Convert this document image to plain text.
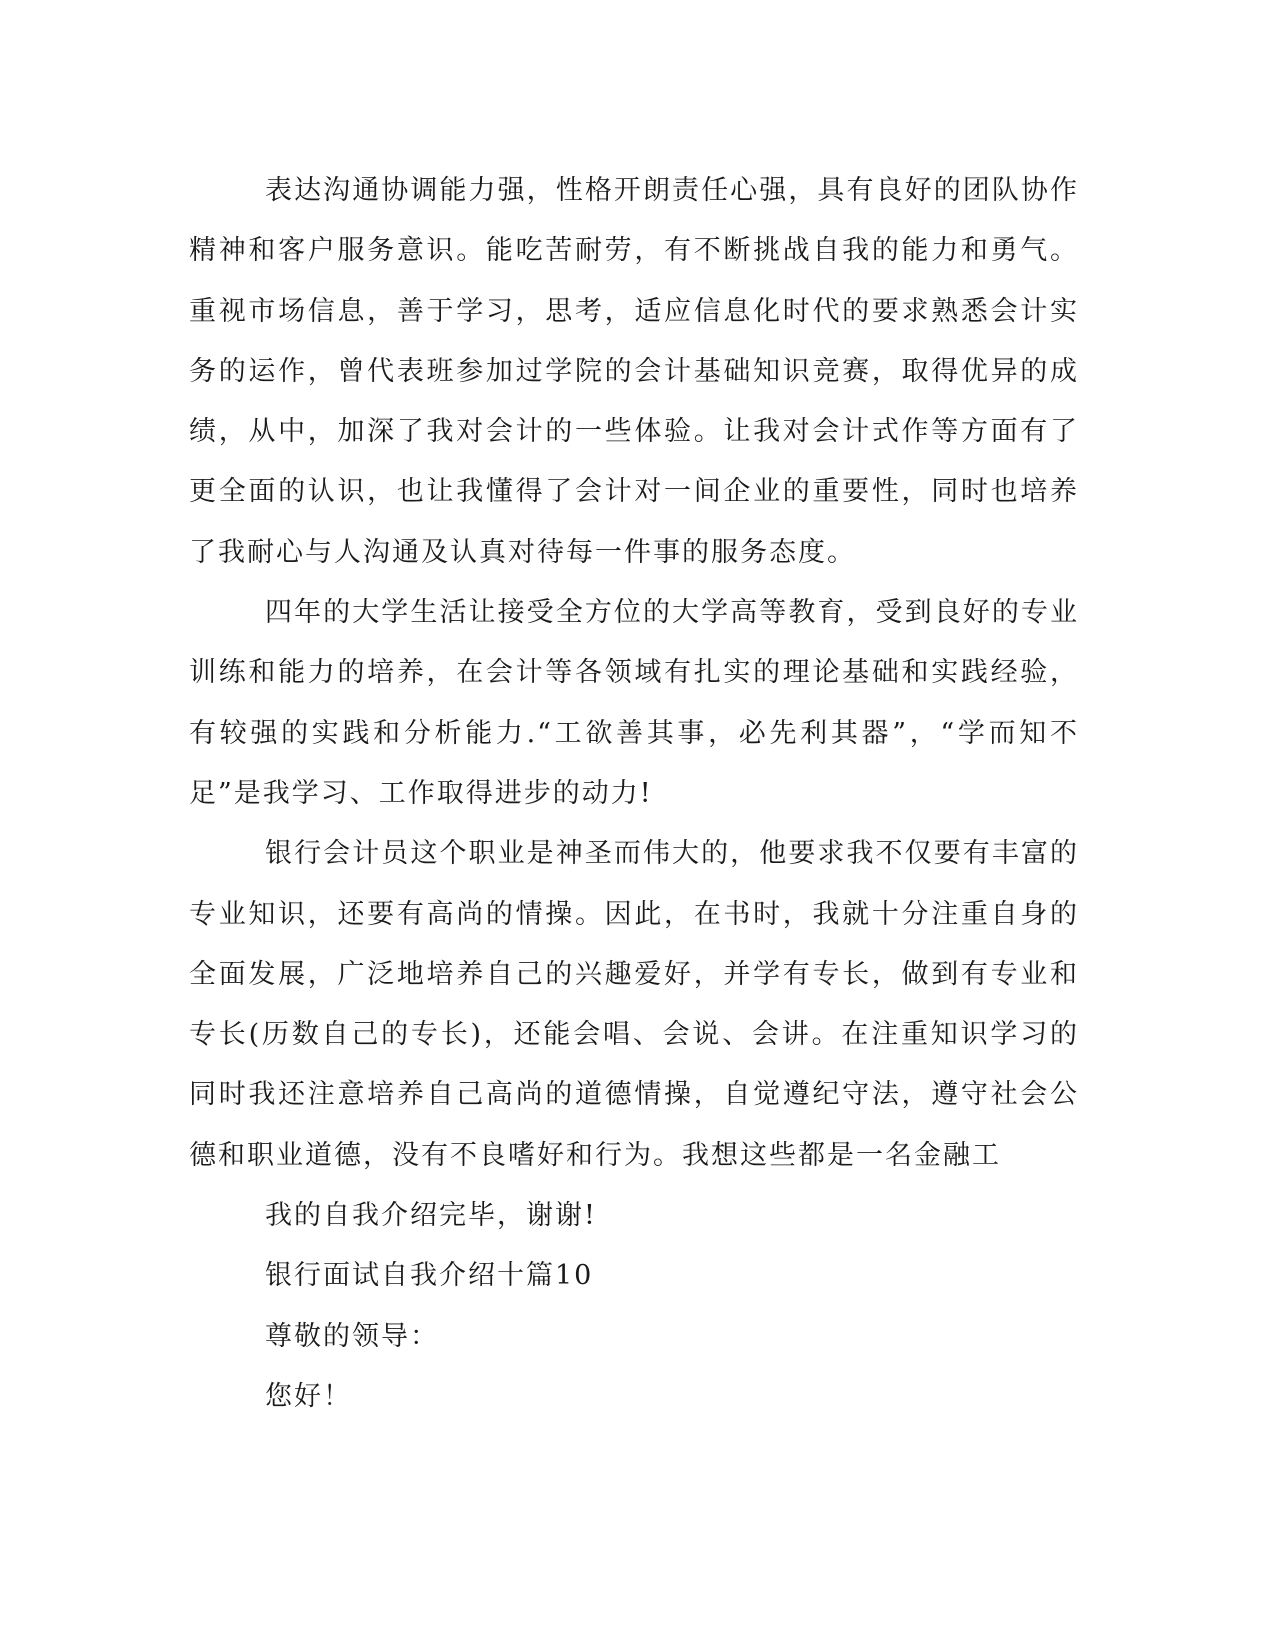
表达沟通协调能力强，性格开朗责任心强，具有良好的团队协作精神和客户服务意识。能吃苦耐劳，有不断挑战自我的能力和勇气。重视市场信息，善于学习，思考，适应信息化时代的要求熟悉会计实务的运作，曾代表班参加过学院的会计基础知识竞赛，取得优异的成绩，从中，加深了我对会计的一些体验。让我对会计式作等方面有了更全面的认识，也让我懂得了会计对一间企业的重要性，同时也培养了我耐心与人沟通及认真对待每一件事的服务态度。

四年的大学生活让接受全方位的大学高等教育，受到良好的专业训练和能力的培养，在会计等各领域有扎实的理论基础和实践经验，有较强的实践和分析能力.“工欲善其事，必先利其器”，“学而知不足”是我学习、工作取得进步的动力!

银行会计员这个职业是神圣而伟大的，他要求我不仅要有丰富的专业知识，还要有高尚的情操。因此，在书时，我就十分注重自身的全面发展，广泛地培养自己的兴趣爱好，并学有专长，做到有专业和专长(历数自己的专长)，还能会唱、会说、会讲。在注重知识学习的同时我还注意培养自己高尚的道德情操，自觉遵纪守法，遵守社会公德和职业道德，没有不良嗜好和行为。我想这些都是一名金融工

我的自我介绍完毕，谢谢!

银行面试自我介绍十篇10

尊敬的领导：

您好！
